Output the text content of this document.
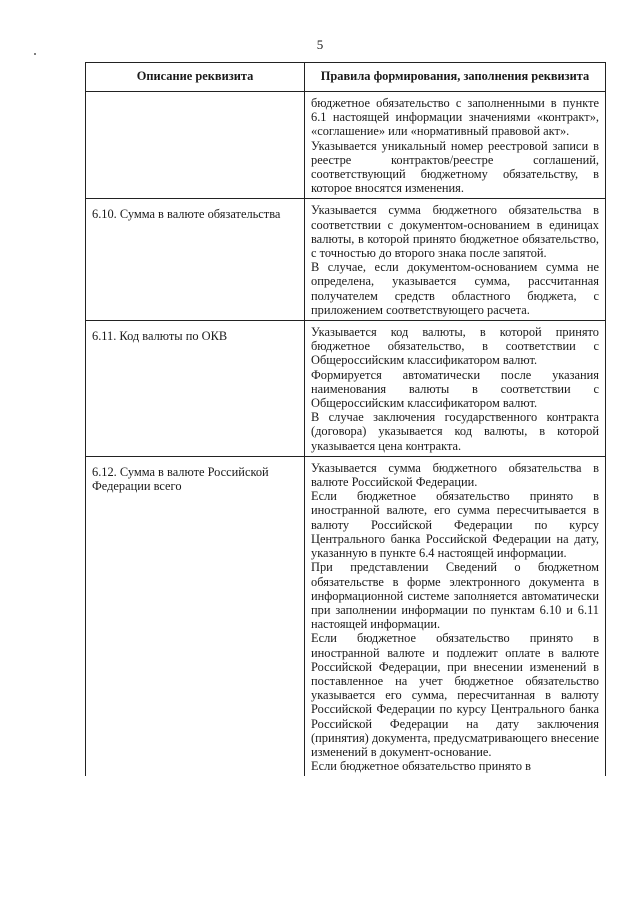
5
Описание реквизита	Правила формирования, заполнения реквизита

	бюджетное обязательство с заполненными в пункте 6.1 настоящей информации значениями «контракт», «соглашение» или «нормативный правовой акт».

Указывается уникальный номер реестровой записи в реестре контрактов/реестре соглашений, соответствующий бюджетному обязательству, в которое вносятся изменения.

6.10. Сумма в валюте обязательства	Указывается сумма бюджетного обязательства в соответствии с документом-основанием в единицах валюты, в которой принято бюджетное обязательство, с точностью до второго знака после запятой.

В случае, если документом-основанием сумма не определена, указывается сумма, рассчитанная получателем средств областного бюджета, с приложением соответствующего расчета.

6.11. Код валюты по ОКВ	Указывается код валюты, в которой принято бюджетное обязательство, в соответствии с Общероссийским классификатором валют.

Формируется автоматически после указания наименования валюты в соответствии с Общероссийским классификатором валют.

В случае заключения государственного контракта (договора) указывается код валюты, в которой указывается цена контракта.

6.12. Сумма в валюте Российской Федерации всего	Указывается сумма бюджетного обязательства в валюте Российской Федерации.

Если бюджетное обязательство принято в иностранной валюте, его сумма пересчитывается в валюту Российской Федерации по курсу Центрального банка Российской Федерации на дату, указанную в пункте 6.4 настоящей информации.

При представлении Сведений о бюджетном обязательстве в форме электронного документа в информационной системе заполняется автоматически при заполнении информации по пунктам 6.10 и 6.11 настоящей информации.

Если бюджетное обязательство принято в иностранной валюте и подлежит оплате в валюте Российской Федерации, при внесении изменений в поставленное на учет бюджетное обязательство указывается его сумма, пересчитанная в валюту Российской Федерации по курсу Центрального банка Российской Федерации на дату заключения (принятия) документа, предусматривающего внесение изменений в документ-основание.

Если бюджетное обязательство принято в
